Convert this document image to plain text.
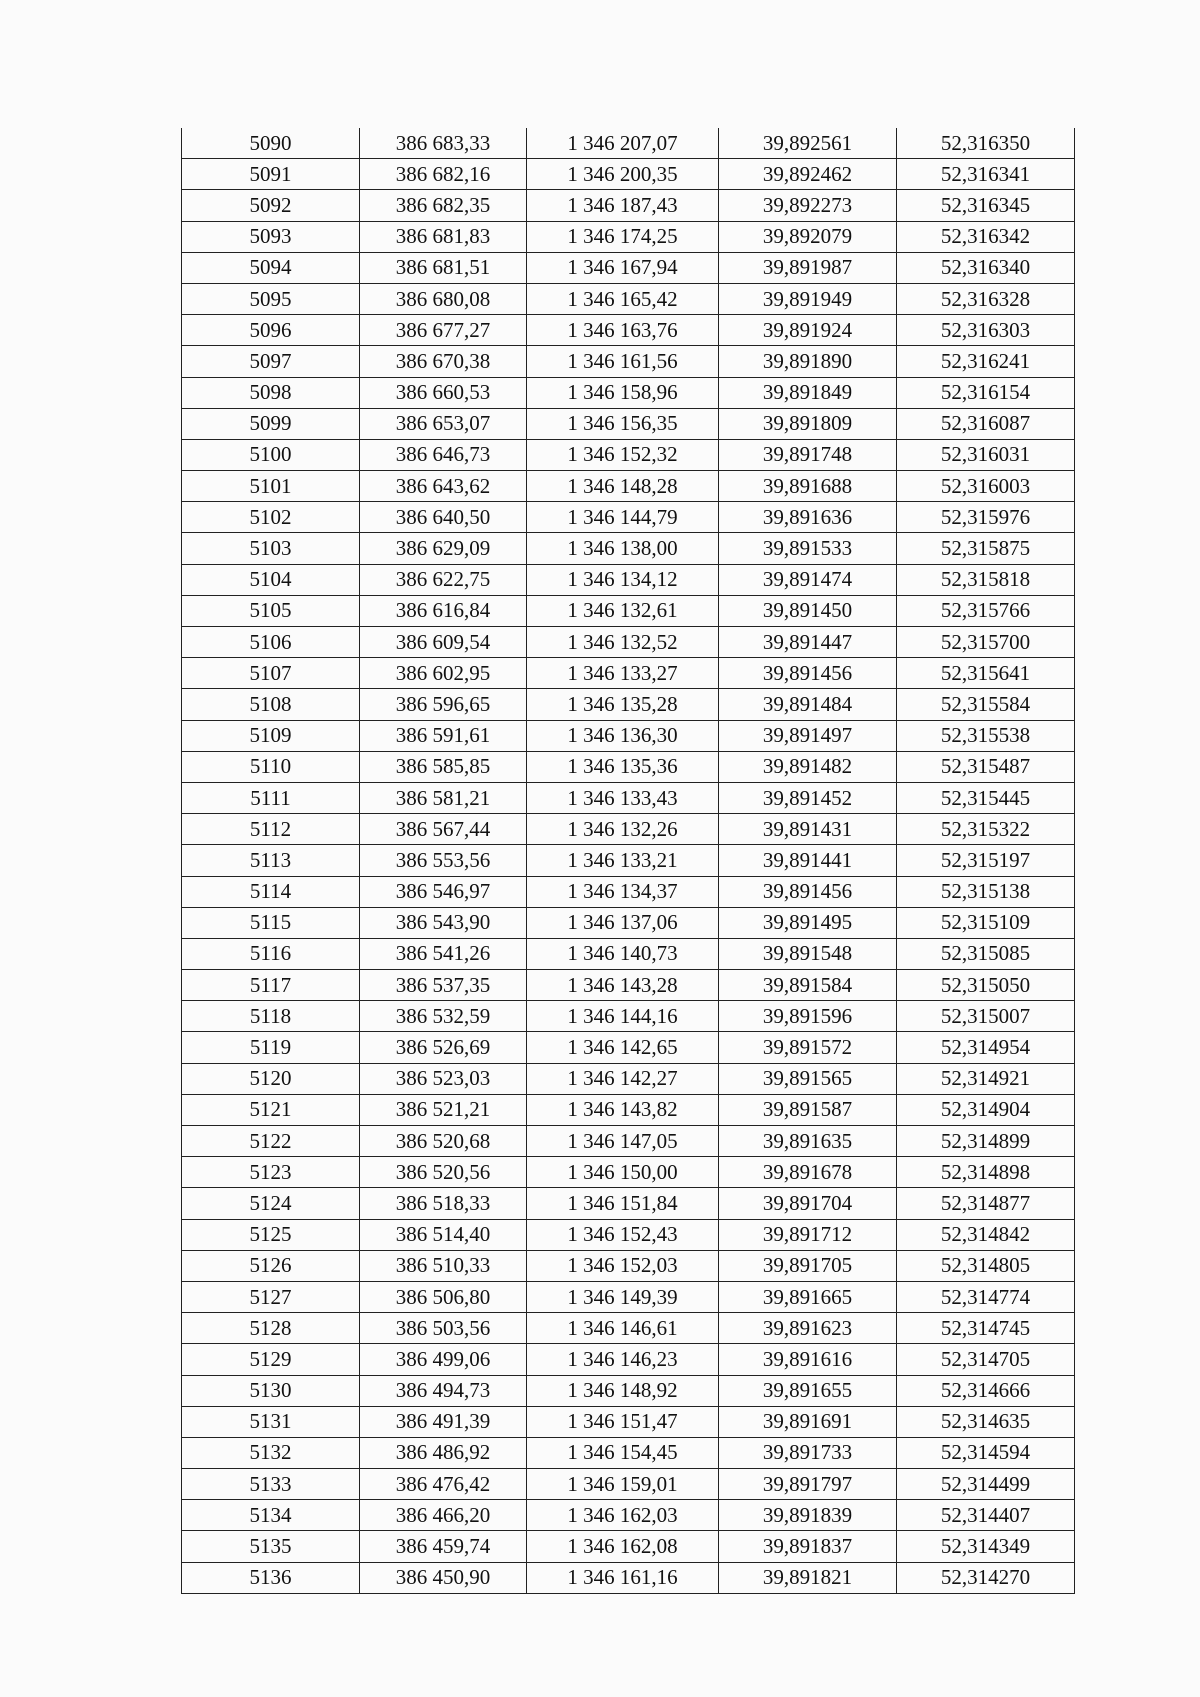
5090	386 683,33	1 346 207,07	39,892561	52,316350
5091	386 682,16	1 346 200,35	39,892462	52,316341
5092	386 682,35	1 346 187,43	39,892273	52,316345
5093	386 681,83	1 346 174,25	39,892079	52,316342
5094	386 681,51	1 346 167,94	39,891987	52,316340
5095	386 680,08	1 346 165,42	39,891949	52,316328
5096	386 677,27	1 346 163,76	39,891924	52,316303
5097	386 670,38	1 346 161,56	39,891890	52,316241
5098	386 660,53	1 346 158,96	39,891849	52,316154
5099	386 653,07	1 346 156,35	39,891809	52,316087
5100	386 646,73	1 346 152,32	39,891748	52,316031
5101	386 643,62	1 346 148,28	39,891688	52,316003
5102	386 640,50	1 346 144,79	39,891636	52,315976
5103	386 629,09	1 346 138,00	39,891533	52,315875
5104	386 622,75	1 346 134,12	39,891474	52,315818
5105	386 616,84	1 346 132,61	39,891450	52,315766
5106	386 609,54	1 346 132,52	39,891447	52,315700
5107	386 602,95	1 346 133,27	39,891456	52,315641
5108	386 596,65	1 346 135,28	39,891484	52,315584
5109	386 591,61	1 346 136,30	39,891497	52,315538
5110	386 585,85	1 346 135,36	39,891482	52,315487
5111	386 581,21	1 346 133,43	39,891452	52,315445
5112	386 567,44	1 346 132,26	39,891431	52,315322
5113	386 553,56	1 346 133,21	39,891441	52,315197
5114	386 546,97	1 346 134,37	39,891456	52,315138
5115	386 543,90	1 346 137,06	39,891495	52,315109
5116	386 541,26	1 346 140,73	39,891548	52,315085
5117	386 537,35	1 346 143,28	39,891584	52,315050
5118	386 532,59	1 346 144,16	39,891596	52,315007
5119	386 526,69	1 346 142,65	39,891572	52,314954
5120	386 523,03	1 346 142,27	39,891565	52,314921
5121	386 521,21	1 346 143,82	39,891587	52,314904
5122	386 520,68	1 346 147,05	39,891635	52,314899
5123	386 520,56	1 346 150,00	39,891678	52,314898
5124	386 518,33	1 346 151,84	39,891704	52,314877
5125	386 514,40	1 346 152,43	39,891712	52,314842
5126	386 510,33	1 346 152,03	39,891705	52,314805
5127	386 506,80	1 346 149,39	39,891665	52,314774
5128	386 503,56	1 346 146,61	39,891623	52,314745
5129	386 499,06	1 346 146,23	39,891616	52,314705
5130	386 494,73	1 346 148,92	39,891655	52,314666
5131	386 491,39	1 346 151,47	39,891691	52,314635
5132	386 486,92	1 346 154,45	39,891733	52,314594
5133	386 476,42	1 346 159,01	39,891797	52,314499
5134	386 466,20	1 346 162,03	39,891839	52,314407
5135	386 459,74	1 346 162,08	39,891837	52,314349
5136	386 450,90	1 346 161,16	39,891821	52,314270
